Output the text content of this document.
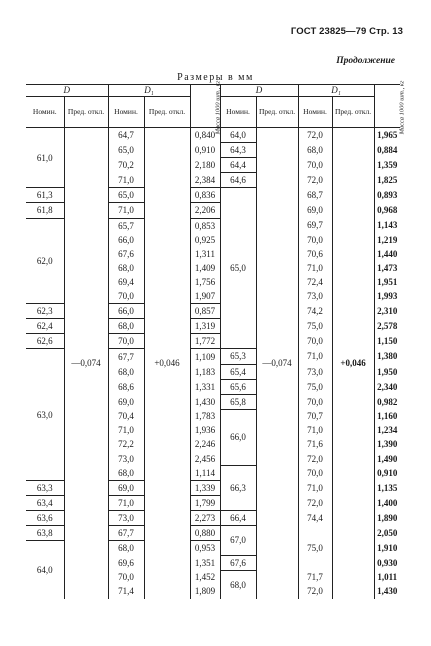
ГОСТ 23825—79 Стр. 13
Продолжение
Размеры в мм
D		D₁		Масса 1000 шт., кг	D		D₁		Масса 1000 шт., кг
Номин.	Пред. откл.	Номин.	Пред. откл.		Номин.	Пред. откл.	Номин.	Пред. откл.	
61,0	—0,074	64,7	+0,046	0,840	64,0	—0,074	72,0	+0,046	1,965
		65,0		0,910	64,3		68,0		0,884
		70,2		2,180	64,4		70,0		1,359
		71,0		2,384	64,6		72,0		1,825
61,3		65,0		0,836	65,0		68,7		0,893
61,8		71,0		2,206			69,0		0,968
62,0		65,7		0,853			69,7		1,143
		66,0		0,925			70,0		1,219
		67,6		1,311			70,6		1,440
		68,0		1,409			71,0		1,473
		69,4		1,756			72,4		1,951
		70,0		1,907			73,0		1,993
62,3		66,0		0,857			74,2		2,310
62,4		68,0		1,319			75,0		2,578
62,6		70,0		1,772			70,0		1,150
63,0		67,7		1,109	65,3		71,0		1,380
		68,0		1,183	65,4		73,0		1,950
		68,6		1,331	65,6		75,0		2,340
		69,0		1,430	65,8		70,0		0,982
		70,4		1,783	66,0		70,7		1,160
		71,0		1,936			71,0		1,234
		72,2		2,246			71,6		1,390
		73,0		2,456			72,0		1,490
		68,0		1,114	66,3		70,0		0,910
63,3		69,0		1,339			71,0		1,135
63,4		71,0		1,799			72,0		1,400
63,6		73,0		2,273	66,4		74,4		1,890
63,8		67,7		0,880	67,0		75,0		2,050
64,0		68,0		0,953					1,910
		69,6		1,351	67,6				0,930
		70,0		1,452	68,0		71,7		1,011
		71,4		1,809			72,0		1,430
